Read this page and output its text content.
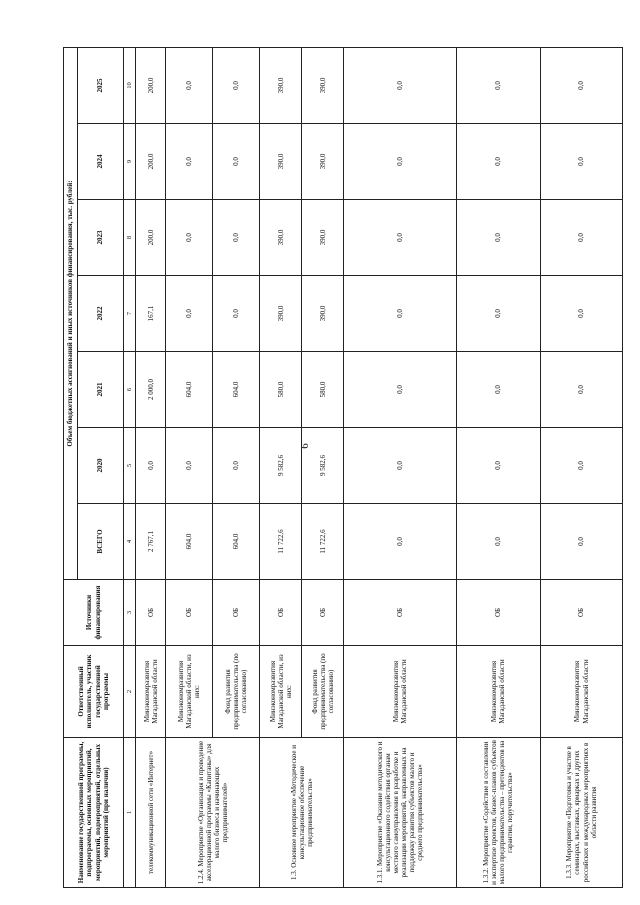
6
Наименование государственной программы, подпрограммы, основных мероприятий, мероприятий, подмероприятий, отдельных мероприятий (при наличии)	Ответственный исполнитель, участник государственной программы	Источники финансирования	Объем бюджетных ассигнований и иных источников финансирования, тыс. рублей:						
			ВСЕГО	2020	2021	2022	2023	2024	2025
1	2	3	4	5	6	7	8	9	10
телекоммуникационной сети «Интернет»	Минэкономразвития Магаданской области	ОБ	2 767,1	0,0	2 000,0	167,1	200,0	200,0	200,0
1.2.4. Мероприятие «Организация и проведение акселерационной программы «Капитаны» для малого бизнеса и начинающих предпринимателей»	Минэкономразвития Магаданской области, из них:	ОБ	604,0	0,0	604,0	0,0	0,0	0,0	0,0
	Фонд развития предпринимательства (по согласованию)	ОБ	604,0	0,0	604,0	0,0	0,0	0,0	0,0
1.3. Основное мероприятие «Методическое и консультационное обеспечение предпринимательства»	Минэкономразвития Магаданской области, из них:	ОБ	11 722,6	9 582,6	580,0	390,0	390,0	390,0	390,0
	Фонд развития предпринимательства (по согласованию)	ОБ	11 722,6	9 582,6	580,0	390,0	390,0	390,0	390,0
1.3.1. Мероприятие «Оказание методического и консультационного содействия органам местного самоуправления в разработке и реализации мероприятий, направленных на поддержку развития субъектов малого и среднего предпринимательства»	Минэкономразвития Магаданской области	ОБ	0,0	0,0	0,0	0,0	0,0	0,0	0,0
1.3.2. Мероприятие «Содействие в составлении и экспертизе проектов, бизнес-планов субъектов малого предпринимательства – претендентов на гарантии, поручительства»	Минэкономразвития Магаданской области	ОБ	0,0	0,0	0,0	0,0	0,0	0,0	0,0
1.3.3. Мероприятие «Подготовка и участие в семинарах, выставках, ярмарках и других российских и международных мероприятиях в области развития	Минэкономразвития Магаданской области	ОБ	0,0	0,0	0,0	0,0	0,0	0,0	0,0
